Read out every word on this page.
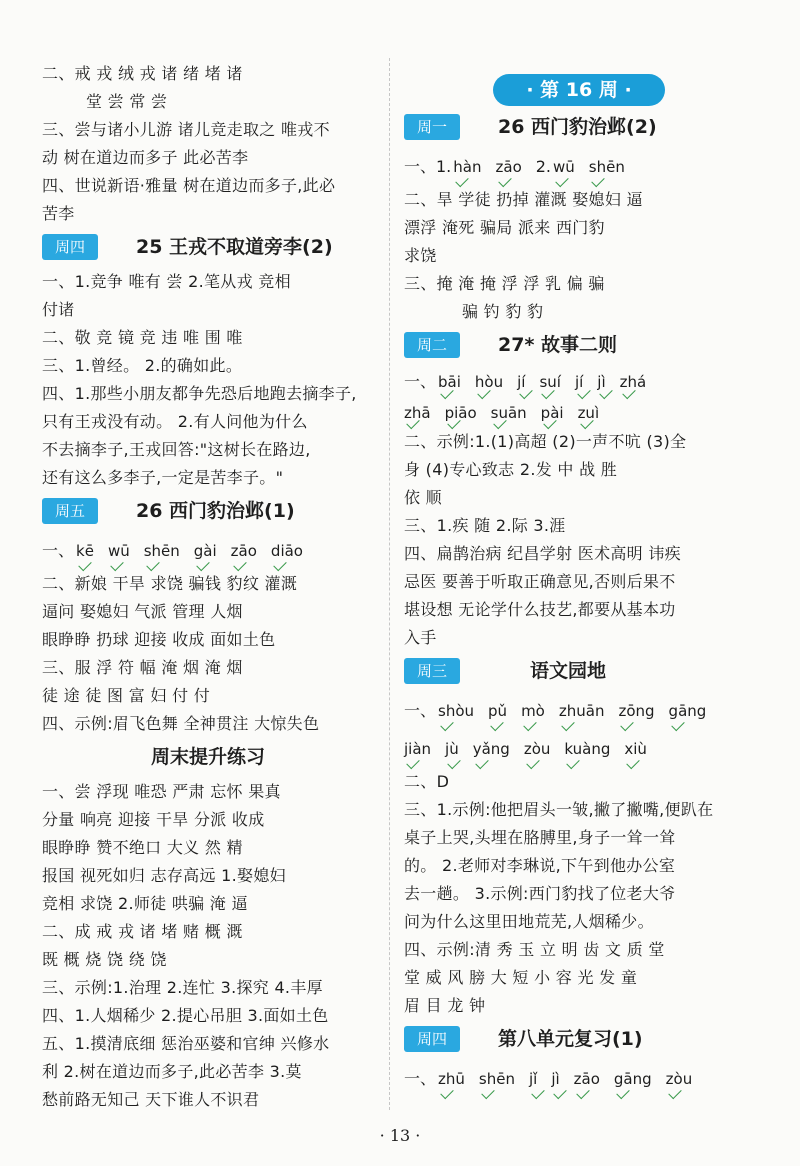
二、戒 戎 绒 戎 诸 绪 堵 诸
堂 尝 常 尝
三、尝与诸小儿游 诸儿竞走取之 唯戎不
动 树在道边而多子 此必苦李
四、世说新语·雅量 树在道边而多子,此必
苦李
周四	25 王戎不取道旁李(2)
一、1.竞争 唯有 尝 2.笔从戎 竞相
付诸
二、敬 竞 镜 竞 违 唯 围 唯
三、1.曾经。 2.的确如此。
四、1.那些小朋友都争先恐后地跑去摘李子,
只有王戎没有动。 2.有人问他为什么
不去摘李子,王戎回答:"这树长在路边,
还有这么多李子,一定是苦李子。"
周五	26 西门豹治邺(1)
一、 kē wū shēn gài zāo diāo
二、新娘 干旱 求饶 骗钱 豹纹 灌溉
逼问 娶媳妇 气派 管理 人烟
眼睁睁 扔球 迎接 收成 面如土色
三、服 浮 符 幅 淹 烟 淹 烟
徒 途 徒 图 富 妇 付 付
四、示例:眉飞色舞 全神贯注 大惊失色
周末提升练习
一、尝 浮现 唯恐 严肃 忘怀 果真
分量 响亮 迎接 干旱 分派 收成
眼睁睁 赞不绝口 大义 然 精
报国 视死如归 志存高远 1.娶媳妇
竞相 求饶 2.师徒 哄骗 淹 逼
二、成 戒 戎 诸 堵 赌 概 溉
既 概 烧 饶 绕 饶
三、示例:1.治理 2.连忙 3.探究 4.丰厚
四、1.人烟稀少 2.提心吊胆 3.面如土色
五、1.摸清底细 惩治巫婆和官绅 兴修水
利 2.树在道边而多子,此必苦李 3.莫
愁前路无知己 天下谁人不识君
· 第 16 周 ·
周一	26 西门豹治邺(2)
一、1. hàn zāo 2. wū shēn
二、旱 学徒 扔掉 灌溉 娶媳妇 逼
漂浮 淹死 骗局 派来 西门豹
求饶
三、掩 淹 掩 浮 浮 乳 偏 骗
骗 钓 豹 豹
周二	27* 故事二则
一、 bāi hòu jí suí jí jì zhá
zhā piāo suān pài zuì
二、示例:1.(1)高超 (2)一声不吭 (3)全
身 (4)专心致志 2.发 中 战 胜
依 顺
三、1.疾 随 2.际 3.涯
四、扁鹊治病 纪昌学射 医术高明 讳疾
忌医 要善于听取正确意见,否则后果不
堪设想 无论学什么技艺,都要从基本功
入手
周三	语文园地
一、 shòu pǔ mò zhuān zōng gāng
jiàn jù yǎng zòu kuàng xiù
二、D
三、1.示例:他把眉头一皱,撇了撇嘴,便趴在
桌子上哭,头埋在胳膊里,身子一耸一耸
的。 2.老师对李琳说,下午到他办公室
去一趟。 3.示例:西门豹找了位老大爷
问为什么这里田地荒芜,人烟稀少。
四、示例:清 秀 玉 立 明 齿 文 质 堂
堂 威 风 膀 大 短 小 容 光 发 童
眉 目 龙 钟
周四	第八单元复习(1)
一、 zhū shēn jǐ jì zāo gāng zòu
· 13 ·
